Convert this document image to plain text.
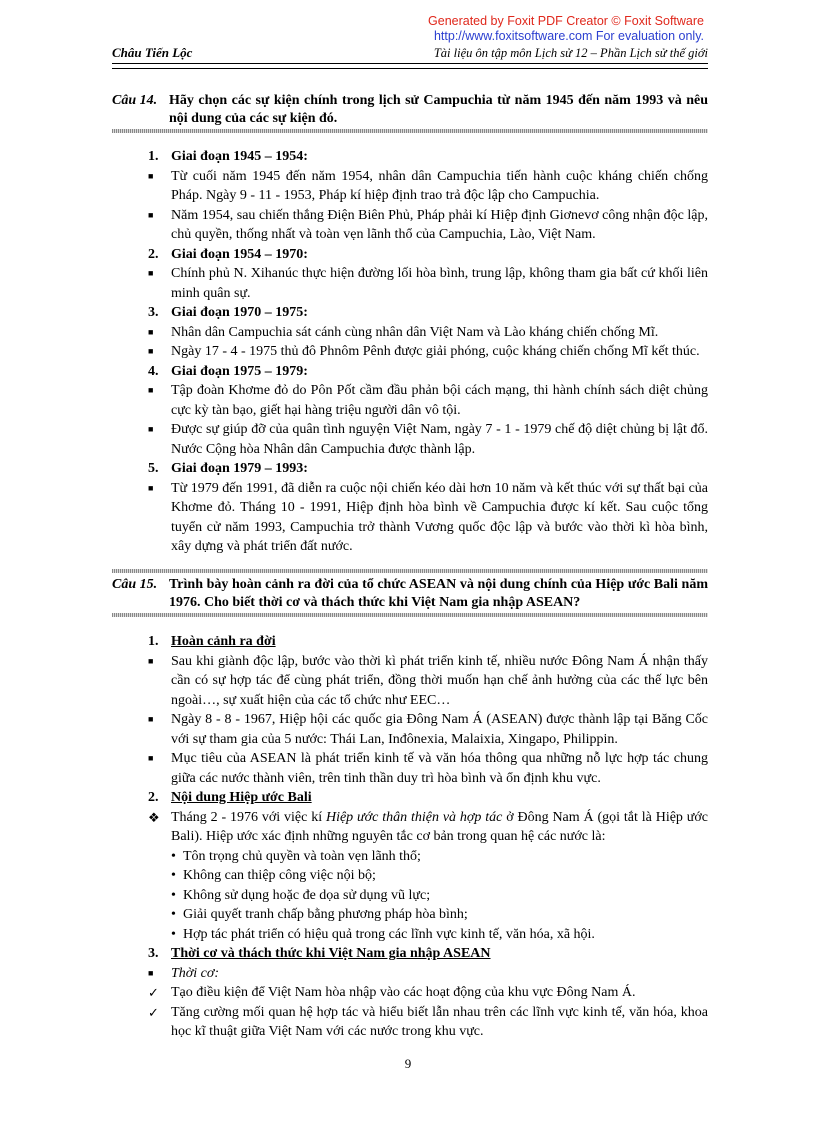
Generated by Foxit PDF Creator © Foxit Software
http://www.foxitsoftware.com For evaluation only.
Châu Tiến Lộc	Tài liệu ôn tập môn Lịch sử 12 – Phần Lịch sử thế giới
Câu 14. Hãy chọn các sự kiện chính trong lịch sử Campuchia từ năm 1945 đến năm 1993 và nêu nội dung của các sự kiện đó.
1. Giai đoạn 1945 – 1954:
■	Từ cuối năm 1945 đến năm 1954, nhân dân Campuchia tiến hành cuộc kháng chiến chống Pháp. Ngày 9 - 11 - 1953, Pháp kí hiệp định trao trả độc lập cho Campuchia.
■	Năm 1954, sau chiến thắng Điện Biên Phủ, Pháp phải kí Hiệp định Giơnevơ công nhận độc lập, chủ quyền, thống nhất và toàn vẹn lãnh thổ của Campuchia, Lào, Việt Nam.
2. Giai đoạn 1954 – 1970:
■	Chính phủ N. Xihanúc thực hiện đường lối hòa bình, trung lập, không tham gia bất cứ khối liên minh quân sự.
3. Giai đoạn 1970 – 1975:
■	Nhân dân Campuchia sát cánh cùng nhân dân Việt Nam và Lào kháng chiến chống Mĩ.
■	Ngày 17 - 4 - 1975 thủ đô Phnôm Pênh được giải phóng, cuộc kháng chiến chống Mĩ kết thúc.
4. Giai đoạn 1975 – 1979:
■	Tập đoàn Khơme đỏ do Pôn Pốt cầm đầu phản bội cách mạng, thi hành chính sách diệt chủng cực kỳ tàn bạo, giết hại hàng triệu người dân vô tội.
■	Được sự giúp đỡ của quân tình nguyện Việt Nam, ngày 7 - 1 - 1979 chế độ diệt chủng bị lật đổ. Nước Cộng hòa Nhân dân Campuchia được thành lập.
5. Giai đoạn 1979 – 1993:
■	Từ 1979 đến 1991, đã diễn ra cuộc nội chiến kéo dài hơn 10 năm và kết thúc với sự thất bại của Khơme đỏ. Tháng 10 - 1991, Hiệp định hòa bình về Campuchia được kí kết. Sau cuộc tổng tuyển cử năm 1993, Campuchia trở thành Vương quốc độc lập và bước vào thời kì hòa bình, xây dựng và phát triển đất nước.
Câu 15. Trình bày hoàn cảnh ra đời của tổ chức ASEAN và nội dung chính của Hiệp ước Bali năm 1976. Cho biết thời cơ và thách thức khi Việt Nam gia nhập ASEAN?
1. Hoàn cảnh ra đời
■	Sau khi giành độc lập, bước vào thời kì phát triển kinh tế, nhiều nước Đông Nam Á nhận thấy cần có sự hợp tác để cùng phát triển, đồng thời muốn hạn chế ảnh hưởng của các thế lực bên ngoài…, sự xuất hiện của các tổ chức như EEC…
■	Ngày 8 - 8 - 1967, Hiệp hội các quốc gia Đông Nam Á (ASEAN) được thành lập tại Băng Cốc với sự tham gia của 5 nước: Thái Lan, Inđônexia, Malaixia, Xingapo, Philippin.
■	Mục tiêu của ASEAN là phát triển kinh tế và văn hóa thông qua những nỗ lực hợp tác chung giữa các nước thành viên, trên tinh thần duy trì hòa bình và ổn định khu vực.
2. Nội dung Hiệp ước Bali
❖ Tháng 2 - 1976 với việc kí Hiệp ước thân thiện và hợp tác ở Đông Nam Á (gọi tắt là Hiệp ước Bali). Hiệp ước xác định những nguyên tắc cơ bản trong quan hệ các nước là:
• Tôn trọng chủ quyền và toàn vẹn lãnh thổ;
• Không can thiệp công việc nội bộ;
• Không sử dụng hoặc đe dọa sử dụng vũ lực;
• Giải quyết tranh chấp bằng phương pháp hòa bình;
• Hợp tác phát triển có hiệu quả trong các lĩnh vực kinh tế, văn hóa, xã hội.
3. Thời cơ và thách thức khi Việt Nam gia nhập ASEAN
■	Thời cơ:
✓ Tạo điều kiện để Việt Nam hòa nhập vào các hoạt động của khu vực Đông Nam Á.
✓ Tăng cường mối quan hệ hợp tác và hiểu biết lẫn nhau trên các lĩnh vực kinh tế, văn hóa, khoa học kĩ thuật giữa Việt Nam với các nước trong khu vực.
9
